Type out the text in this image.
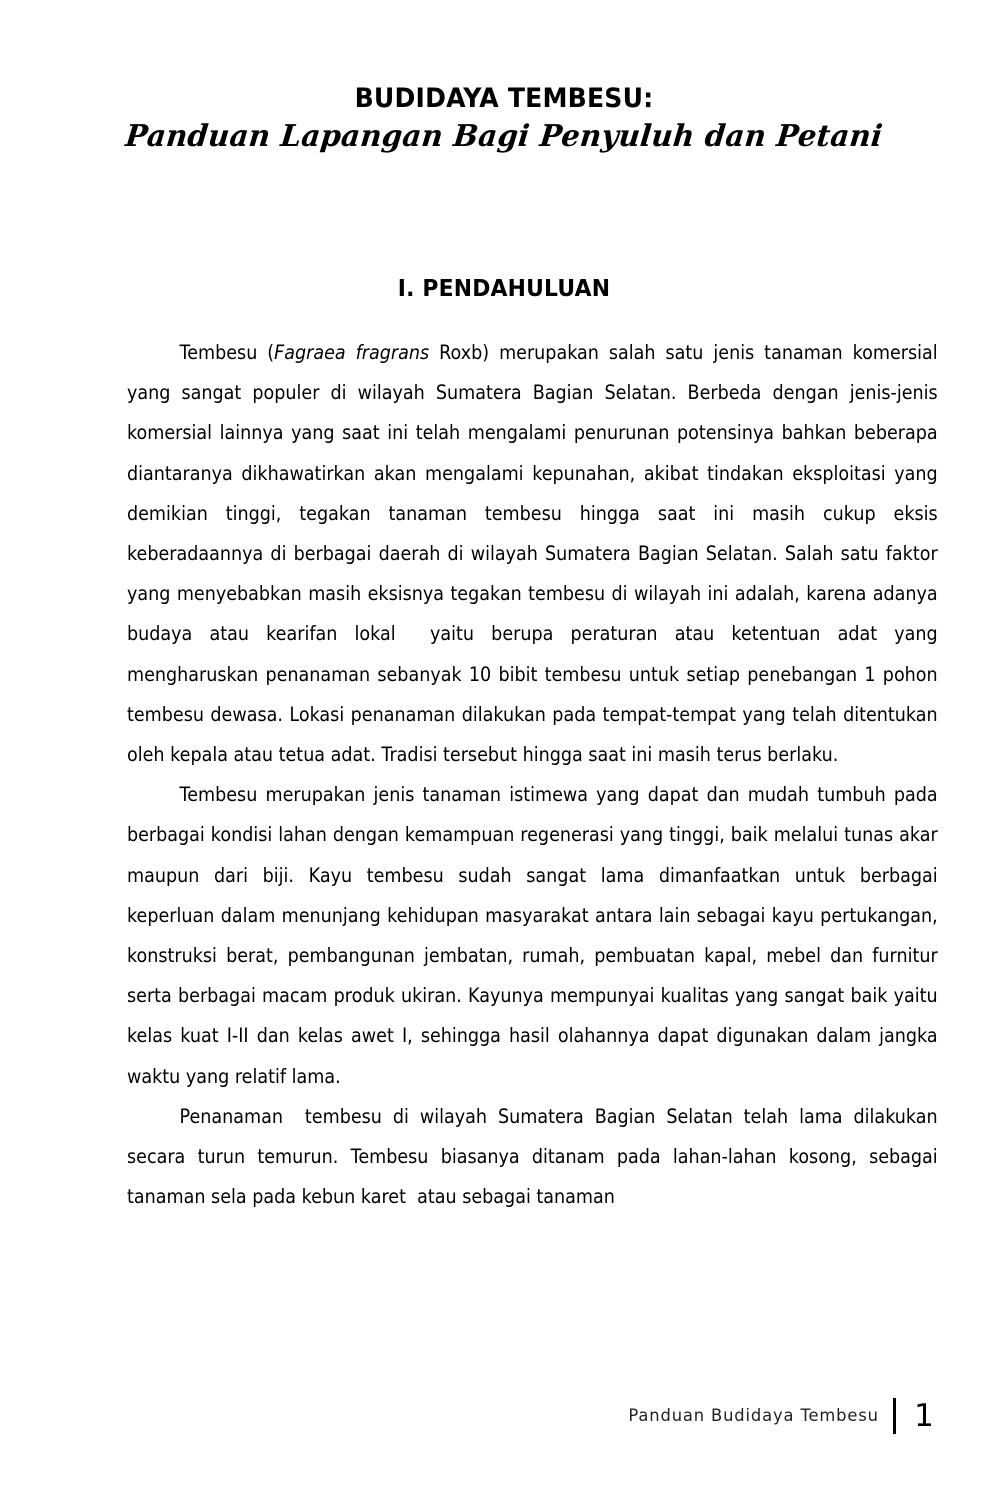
BUDIDAYA TEMBESU:
Panduan Lapangan Bagi Penyuluh dan Petani
I. PENDAHULUAN

Tembesu (Fagraea fragrans Roxb) merupakan salah satu jenis tanaman komersial yang sangat populer di wilayah Sumatera Bagian Selatan. Berbeda dengan jenis-jenis komersial lainnya yang saat ini telah mengalami penurunan potensinya bahkan beberapa diantaranya dikhawatirkan akan mengalami kepunahan, akibat tindakan eksploitasi yang demikian tinggi, tegakan tanaman tembesu hingga saat ini masih cukup eksis keberadaannya di berbagai daerah di wilayah Sumatera Bagian Selatan. Salah satu faktor yang menyebabkan masih eksisnya tegakan tembesu di wilayah ini adalah, karena adanya budaya atau kearifan lokal  yaitu berupa peraturan atau ketentuan adat yang mengharuskan penanaman sebanyak 10 bibit tembesu untuk setiap penebangan 1 pohon tembesu dewasa. Lokasi penanaman dilakukan pada tempat-tempat yang telah ditentukan oleh kepala atau tetua adat. Tradisi tersebut hingga saat ini masih terus berlaku.

Tembesu merupakan jenis tanaman istimewa yang dapat dan mudah tumbuh pada berbagai kondisi lahan dengan kemampuan regenerasi yang tinggi, baik melalui tunas akar maupun dari biji. Kayu tembesu sudah sangat lama dimanfaatkan untuk berbagai keperluan dalam menunjang kehidupan masyarakat antara lain sebagai kayu pertukangan, konstruksi berat, pembangunan jembatan, rumah, pembuatan kapal, mebel dan furnitur serta berbagai macam produk ukiran. Kayunya mempunyai kualitas yang sangat baik yaitu kelas kuat I-II dan kelas awet I, sehingga hasil olahannya dapat digunakan dalam jangka waktu yang relatif lama.

Penanaman  tembesu di wilayah Sumatera Bagian Selatan telah lama dilakukan secara turun temurun. Tembesu biasanya ditanam pada lahan-lahan kosong, sebagai tanaman sela pada kebun karet  atau sebagai tanaman

Panduan Budidaya Tembesu 1
